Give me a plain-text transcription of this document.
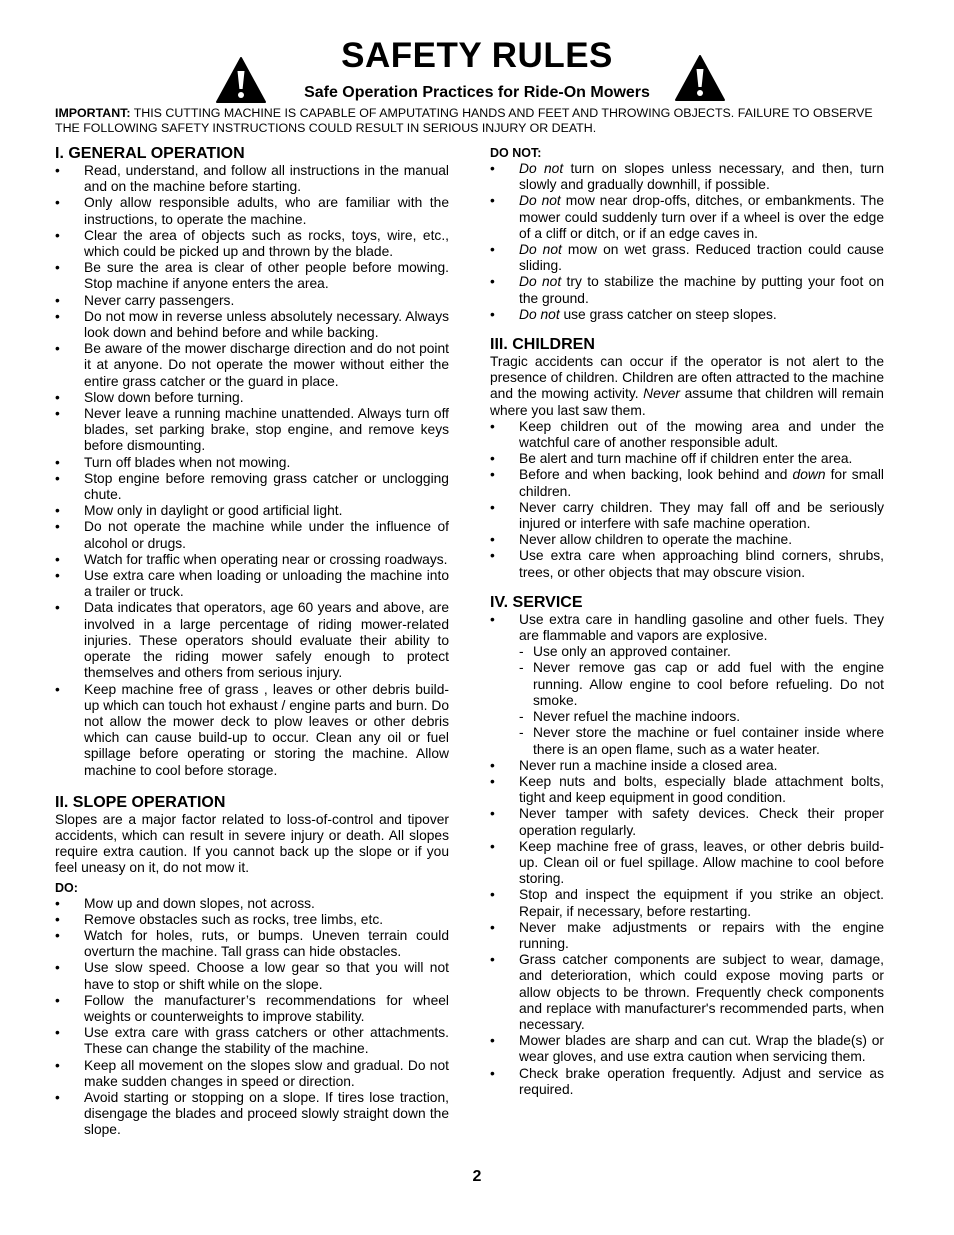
SAFETY RULES
Safe Operation Practices for Ride-On Mowers

IMPORTANT: THIS CUTTING MACHINE IS CAPABLE OF AMPUTATING HANDS AND FEET AND THROWING OBJECTS. FAILURE TO OBSERVE THE FOLLOWING SAFETY INSTRUCTIONS COULD RESULT IN SERIOUS INJURY OR DEATH.

I. GENERAL OPERATION
• Read, understand, and follow all instructions in the manual and on the machine before starting.
• Only allow responsible adults, who are familiar with the instructions, to operate the machine.
• Clear the area of objects such as rocks, toys, wire, etc., which could be picked up and thrown by the blade.
• Be sure the area is clear of other people before mowing. Stop machine if anyone enters the area.
• Never carry passengers.
• Do not mow in reverse unless absolutely necessary. Always look down and behind before and while backing.
• Be aware of the mower discharge direction and do not point it at anyone. Do not operate the mower without either the entire grass catcher or the guard in place.
• Slow down before turning.
• Never leave a running machine unattended. Always turn off blades, set parking brake, stop engine, and remove keys before dismounting.
• Turn off blades when not mowing.
• Stop engine before removing grass catcher or unclogging chute.
• Mow only in daylight or good artificial light.
• Do not operate the machine while under the influence of alcohol or drugs.
• Watch for traffic when operating near or crossing roadways.
• Use extra care when loading or unloading the machine into a trailer or truck.
• Data indicates that operators, age 60 years and above, are involved in a large percentage of riding mower-related injuries. These operators should evaluate their ability to operate the riding mower safely enough to protect themselves and others from serious injury.
• Keep machine free of grass , leaves or other debris build-up which can touch hot exhaust / engine parts and burn. Do not allow the mower deck to plow leaves or other debris which can cause build-up to occur. Clean any oil or fuel spillage before operating or storing the machine. Allow machine to cool before storage.
II. SLOPE OPERATION

Slopes are a major factor related to loss-of-control and tipover accidents, which can result in severe injury or death. All slopes require extra caution. If you cannot back up the slope or if you feel uneasy on it, do not mow it.

DO:
• Mow up and down slopes, not across.
• Remove obstacles such as rocks, tree limbs, etc.
• Watch for holes, ruts, or bumps. Uneven terrain could overturn the machine. Tall grass can hide obstacles.
• Use slow speed. Choose a low gear so that you will not have to stop or shift while on the slope.
• Follow the manufacturer’s recommendations for wheel weights or counterweights to improve stability.
• Use extra care with grass catchers or other attachments. These can change the stability of the machine.
• Keep all movement on the slopes slow and gradual. Do not make sudden changes in speed or direction.
• Avoid starting or stopping on a slope. If tires lose traction, disengage the blades and proceed slowly straight down the slope.
DO NOT:
• Do not turn on slopes unless necessary, and then, turn slowly and gradually downhill, if possible.
• Do not mow near drop-offs, ditches, or embankments. The mower could suddenly turn over if a wheel is over the edge of a cliff or ditch, or if an edge caves in.
• Do not mow on wet grass. Reduced traction could cause sliding.
• Do not try to stabilize the machine by putting your foot on the ground.
• Do not use grass catcher on steep slopes.
III. CHILDREN

Tragic accidents can occur if the operator is not alert to the presence of children. Children are often attracted to the machine and the mowing activity. Never assume that children will remain where you last saw them.

• Keep children out of the mowing area and under the watchful care of another responsible adult.
• Be alert and turn machine off if children enter the area.
• Before and when backing, look behind and down for small children.
• Never carry children. They may fall off and be seriously injured or interfere with safe machine operation.
• Never allow children to operate the machine.
• Use extra care when approaching blind corners, shrubs, trees, or other objects that may obscure vision.
IV. SERVICE
• Use extra care in handling gasoline and other fuels. They are flammable and vapors are explosive.
- Use only an approved container.
- Never remove gas cap or add fuel with the engine running. Allow engine to cool before refueling. Do not smoke.
- Never refuel the machine indoors.
- Never store the machine or fuel container inside where there is an open flame, such as a water heater.
• Never run a machine inside a closed area.
• Keep nuts and bolts, especially blade attachment bolts, tight and keep equipment in good condition.
• Never tamper with safety devices. Check their proper operation regularly.
• Keep machine free of grass, leaves, or other debris build-up. Clean oil or fuel spillage. Allow machine to cool before storing.
• Stop and inspect the equipment if you strike an object. Repair, if necessary, before restarting.
• Never make adjustments or repairs with the engine running.
• Grass catcher components are subject to wear, damage, and deterioration, which could expose moving parts or allow objects to be thrown. Frequently check components and replace with manufacturer's recommended parts, when necessary.
• Mower blades are sharp and can cut. Wrap the blade(s) or wear gloves, and use extra caution when servicing them.
• Check brake operation frequently. Adjust and service as required.
2
